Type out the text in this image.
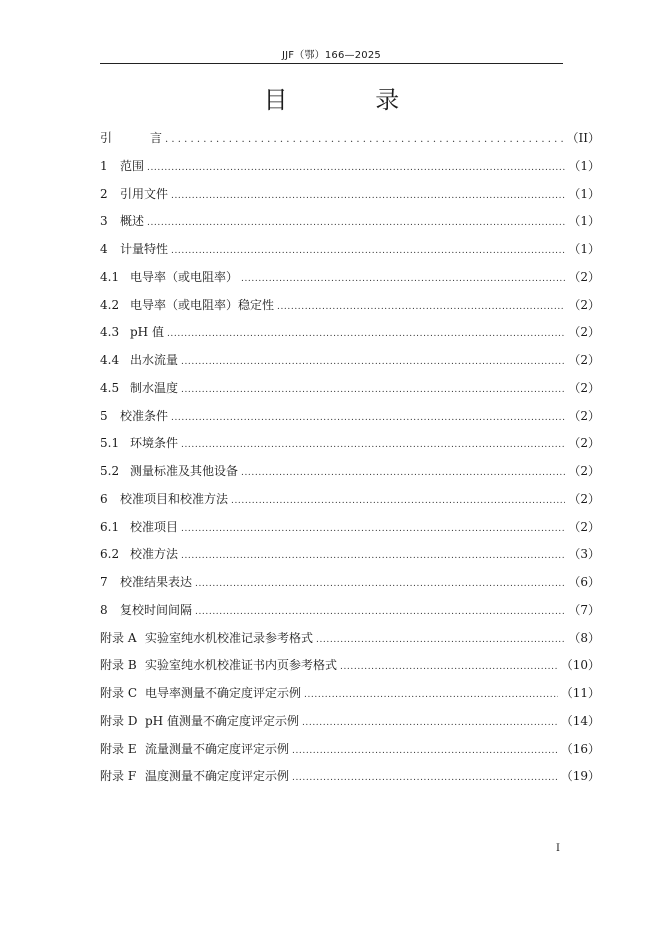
JJF（鄂）166—2025
目 录
引	言 .....	（II）
1	范围 .....	（1）
2	引用文件 .....	（1）
3	概述 .....	（1）
4	计量特性 .....	（1）
4.1 电导率（或电阻率） .....	（2）
4.2 电导率（或电阻率）稳定性 .....	（2）
4.3 pH 值 .....	（2）
4.4 出水流量 .....	（2）
4.5 制水温度 .....	（2）
5	校准条件 .....	（2）
5.1 环境条件 .....	（2）
5.2 测量标准及其他设备 .....	（2）
6	校准项目和校准方法 .....	（2）
6.1 校准项目 .....	（2）
6.2 校准方法 .....	（3）
7	校准结果表达 .....	（6）
8	复校时间间隔 .....	（7）
附录 A 实验室纯水机校准记录参考格式 .....	（8）
附录 B 实验室纯水机校准证书内页参考格式 .....	（10）
附录 C 电导率测量不确定度评定示例 .....	（11）
附录 D pH 值测量不确定度评定示例 .....	（14）
附录 E 流量测量不确定度评定示例 .....	（16）
附录 F 温度测量不确定度评定示例 .....	（19）
I
